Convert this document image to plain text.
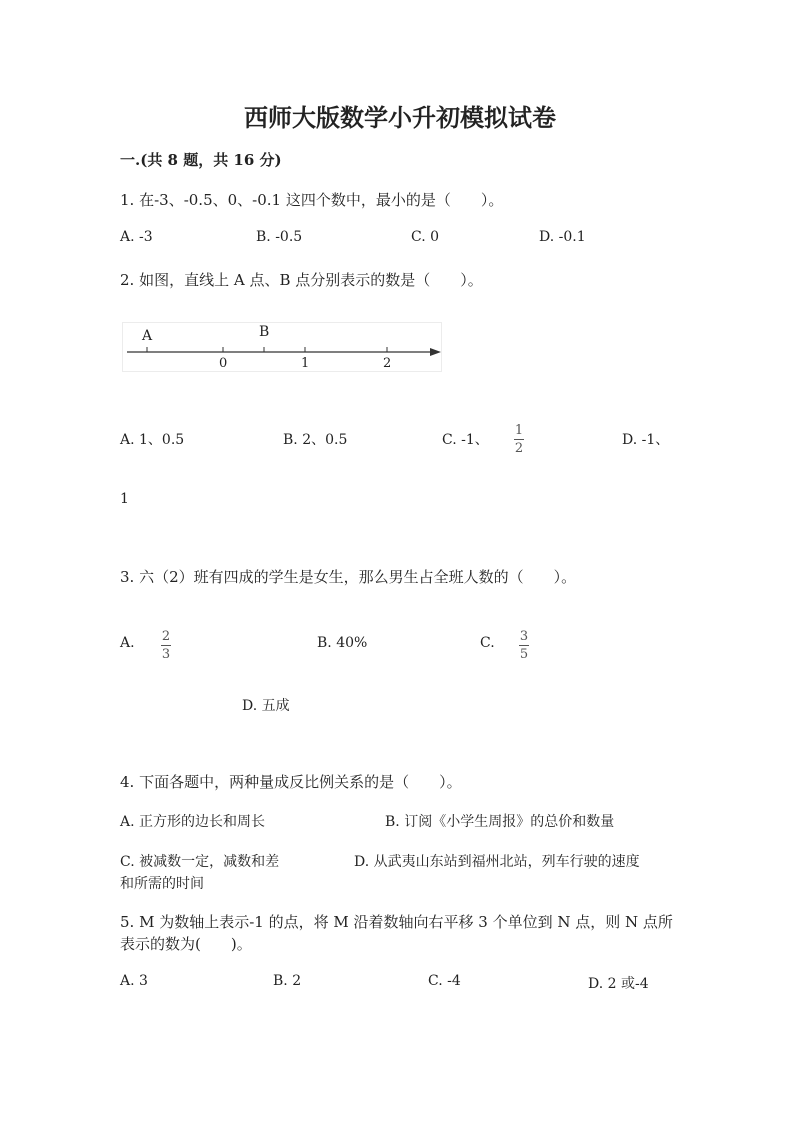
西师大版数学小升初模拟试卷
一.(共 8 题，共 16 分)
1. 在-3、-0.5、0、-0.1 这四个数中，最小的是（　　）。
A. -3	B. -0.5	C. 0	D. -0.1
2. 如图，直线上 A 点、B 点分别表示的数是（　　）。
A	B
0	1	2
A. 1、0.5	B. 2、0.5	C. -1、
1
2
D. -1、
1
3. 六（2）班有四成的学生是女生，那么男生占全班人数的（　　）。
A. 2
3
B. 40%	C. 3
5
D. 五成
4. 下面各题中，两种量成反比例关系的是（　　）。
A. 正方形的边长和周长	B. 订阅《小学生周报》的总价和数量
C. 被减数一定，减数和差	D. 从武夷山东站到福州北站，列车行驶的速度
和所需的时间
5. M 为数轴上表示-1 的点，将 M 沿着数轴向右平移 3 个单位到 N 点，则 N 点所
表示的数为(　　)。
A. 3	B. 2	C. -4	D. 2 或-4
